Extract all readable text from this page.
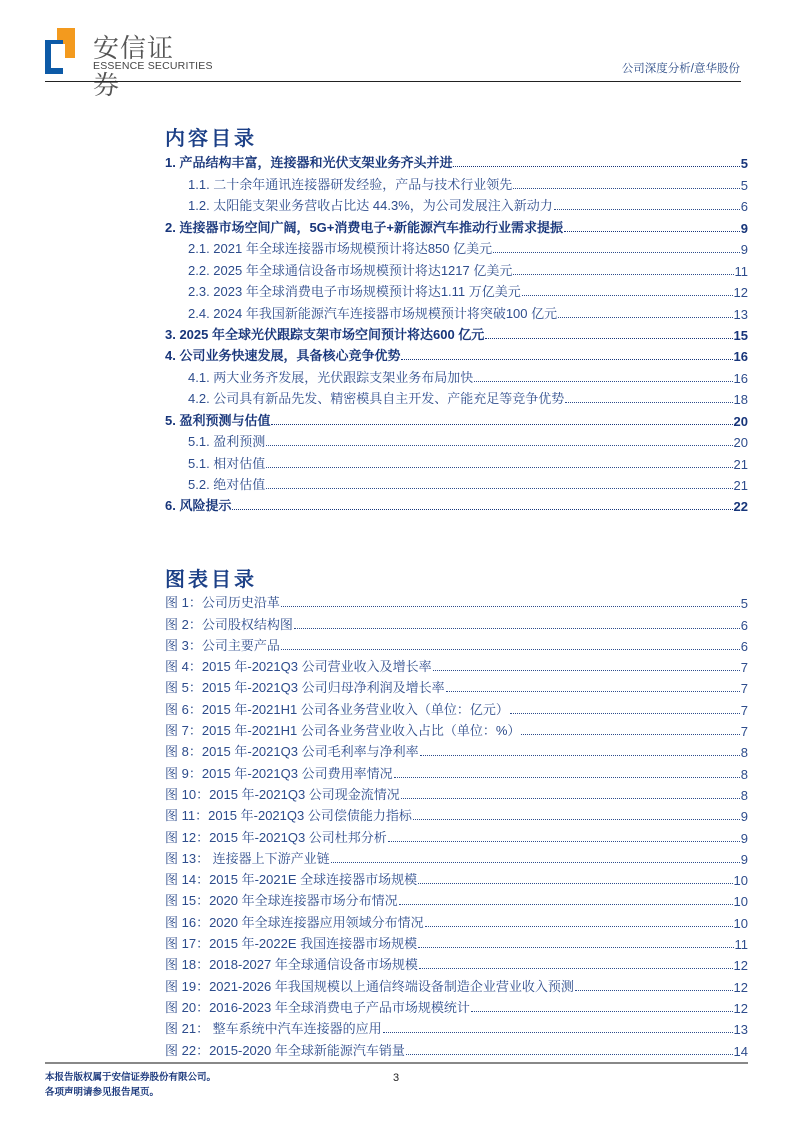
安信证券
ESSENCE SECURITIES	公司深度分析/意华股份
内容目录
1. 产品结构丰富，连接器和光伏支架业务齐头并进	5
1.1. 二十余年通讯连接器研发经验，产品与技术行业领先	5
1.2. 太阳能支架业务营收占比达 44.3%，为公司发展注入新动力	6
2. 连接器市场空间广阔，5G+消费电子+新能源汽车推动行业需求提振	9
2.1. 2021 年全球连接器市场规模预计将达850 亿美元	9
2.2. 2025 年全球通信设备市场规模预计将达1217 亿美元	11
2.3. 2023 年全球消费电子市场规模预计将达1.11 万亿美元	12
2.4. 2024 年我国新能源汽车连接器市场规模预计将突破100 亿元	13
3. 2025 年全球光伏跟踪支架市场空间预计将达600 亿元	15
4. 公司业务快速发展，具备核心竞争优势	16
4.1. 两大业务齐发展，光伏跟踪支架业务布局加快	16
4.2. 公司具有新品先发、精密模具自主开发、产能充足等竞争优势	18
5. 盈利预测与估值	20
5.1. 盈利预测	20
5.1. 相对估值	21
5.2. 绝对估值	21
6. 风险提示	22
图表目录
图 1：公司历史沿革	5
图 2：公司股权结构图	6
图 3：公司主要产品	6
图 4：2015 年-2021Q3 公司营业收入及增长率	7
图 5：2015 年-2021Q3 公司归母净利润及增长率	7
图 6：2015 年-2021H1 公司各业务营业收入（单位：亿元）	7
图 7：2015 年-2021H1 公司各业务营业收入占比（单位：%）	7
图 8：2015 年-2021Q3 公司毛利率与净利率	8
图 9：2015 年-2021Q3 公司费用率情况	8
图 10：2015 年-2021Q3 公司现金流情况	8
图 11：2015 年-2021Q3 公司偿债能力指标	9
图 12：2015 年-2021Q3 公司杜邦分析	9
图 13： 连接器上下游产业链	9
图 14：2015 年-2021E 全球连接器市场规模	10
图 15：2020 年全球连接器市场分布情况	10
图 16：2020 年全球连接器应用领域分布情况	10
图 17：2015 年-2022E 我国连接器市场规模	11
图 18：2018-2027 年全球通信设备市场规模	12
图 19：2021-2026 年我国规模以上通信终端设备制造企业营业收入预测	12
图 20：2016-2023 年全球消费电子产品市场规模统计	12
图 21： 整车系统中汽车连接器的应用	13
图 22：2015-2020 年全球新能源汽车销量	14
本报告版权属于安信证券股份有限公司。
各项声明请参见报告尾页。
3
